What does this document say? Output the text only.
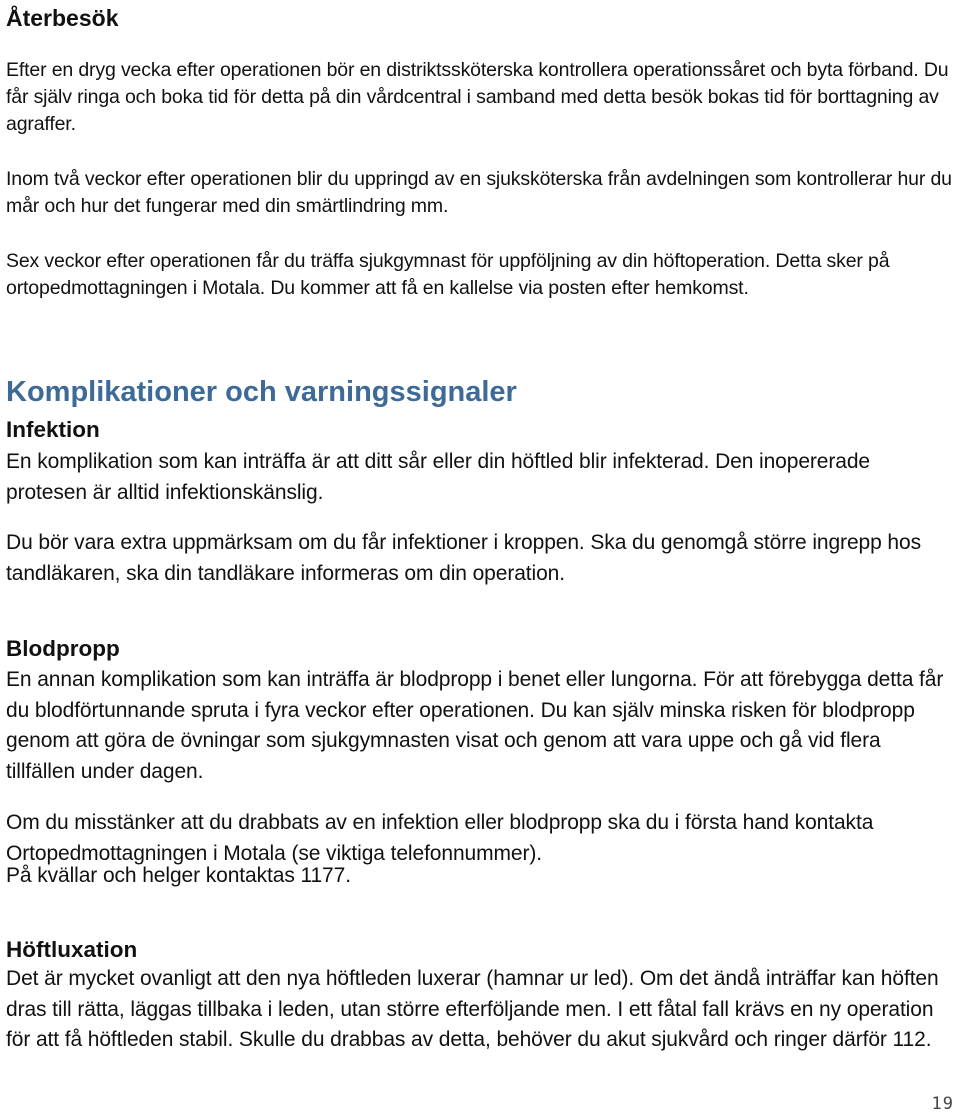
Återbesök

Efter en dryg vecka efter operationen bör en distriktssköterska kontrollera operationssåret och byta förband. Du får själv ringa och boka tid för detta på din vårdcentral i samband med detta besök bokas tid för borttagning av agraffer.

Inom två veckor efter operationen blir du uppringd av en sjuksköterska från avdelningen som kontrollerar hur du mår och hur det fungerar med din smärtlindring mm.

Sex veckor efter operationen får du träffa sjukgymnast för uppföljning av din höftoperation. Detta sker på ortopedmottagningen i Motala. Du kommer att få en kallelse via posten efter hemkomst.

Komplikationer och varningssignaler
Infektion

En komplikation som kan inträffa är att ditt sår eller din höftled blir infekterad. Den inopererade protesen är alltid infektionskänslig.

Du bör vara extra uppmärksam om du får infektioner i kroppen. Ska du genomgå större ingrepp hos tandläkaren, ska din tandläkare informeras om din operation.

Blodpropp

En annan komplikation som kan inträffa är blodpropp i benet eller lungorna. För att förebygga detta får du blodförtunnande spruta i fyra veckor efter operationen. Du kan själv minska risken för blodpropp genom att göra de övningar som sjukgymnasten visat och genom att vara uppe och gå vid flera tillfällen under dagen.

Om du misstänker att du drabbats av en infektion eller blodpropp ska du i första hand kontakta Ortopedmottagningen i Motala (se viktiga telefonnummer).

På kvällar och helger kontaktas 1177.

Höftluxation

Det är mycket ovanligt att den nya höftleden luxerar (hamnar ur led). Om det ändå inträffar kan höften dras till rätta, läggas tillbaka i leden, utan större efterföljande men. I ett fåtal fall krävs en ny operation för att få höftleden stabil. Skulle du drabbas av detta, behöver du akut sjukvård och ringer därför 112.

19
